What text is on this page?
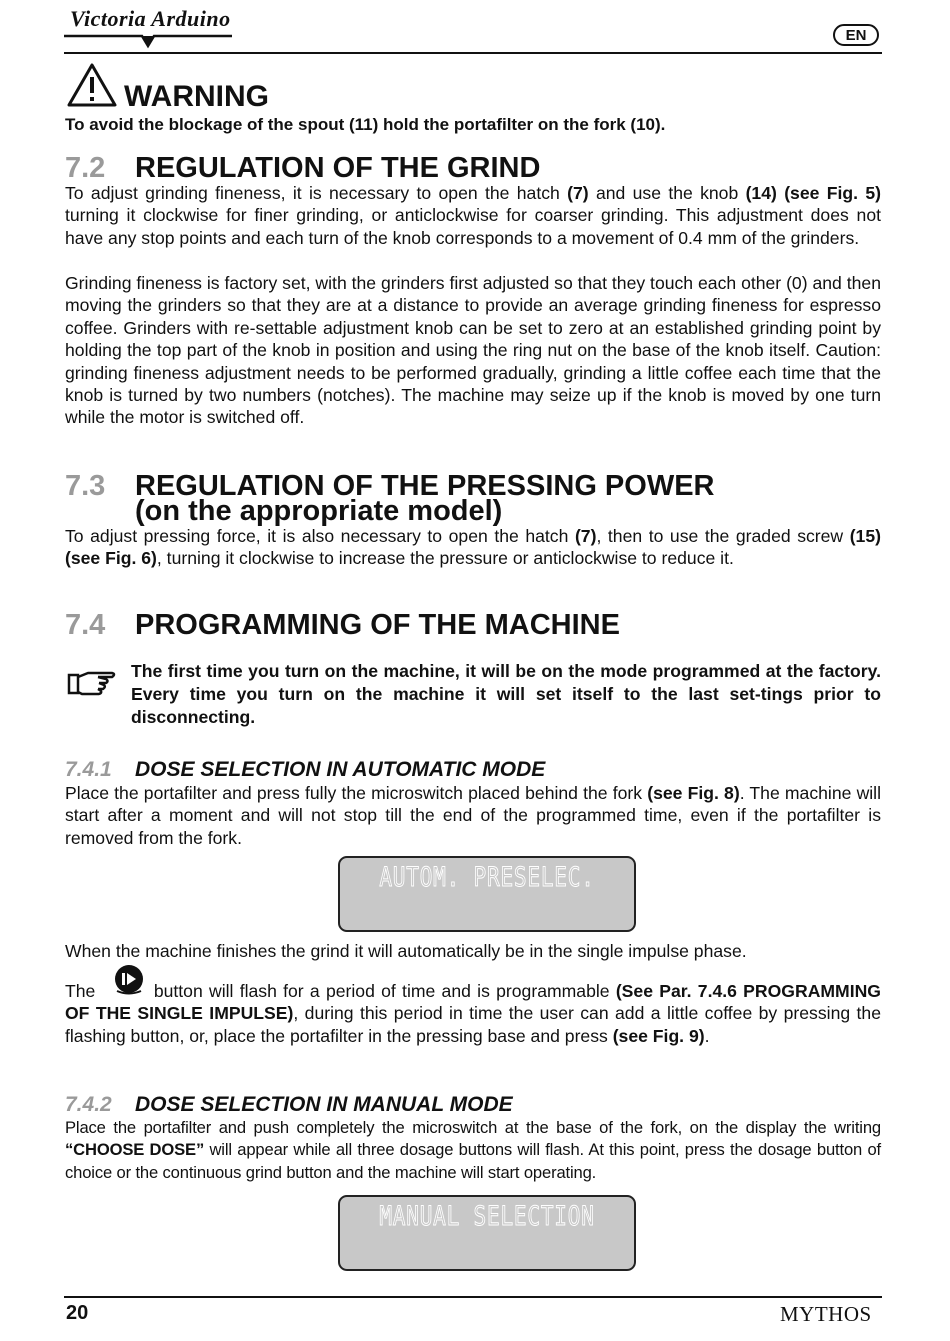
Victoria Arduino
EN
WARNING
To avoid the blockage of the spout (11) hold the portafilter on the fork (10).
7.2 REGULATION OF THE GRIND
To adjust grinding fineness, it is necessary to open the hatch (7) and use the knob (14) (see Fig. 5) turning it clockwise for finer grinding, or anticlockwise for coarser grinding. This adjustment does not have any stop points and each turn of the knob corresponds to a movement of 0.4 mm of the grinders.
Grinding fineness is factory set, with the grinders first adjusted so that they touch each other (0) and then moving the grinders so that they are at a distance to provide an average grinding fineness for espresso coffee. Grinders with re-settable adjustment knob can be set to zero at an established grinding point by holding the top part of the knob in position and using the ring nut on the base of the knob itself. Caution: grinding fineness adjustment needs to be performed gradually, grinding a little coffee each time that the knob is turned by two numbers (notches). The machine may seize up if the knob is moved by one turn while the motor is switched off.
7.3 REGULATION OF THE PRESSING POWER
(on the appropriate model)
To adjust pressing force, it is also necessary to open the hatch (7), then to use the graded screw (15) (see Fig. 6), turning it clockwise to increase the pressure or anticlockwise to reduce it.
7.4 PROGRAMMING OF THE MACHINE
The first time you turn on the machine, it will be on the mode programmed at the factory. Every time you turn on the machine it will set itself to the last set-tings prior to disconnecting.
7.4.1 DOSE SELECTION IN AUTOMATIC MODE
Place the portafilter and press fully the microswitch placed behind the fork (see Fig. 8). The machine will start after a moment and will not stop till the end of the programmed time, even if the portafilter is removed from the fork.
AUTOM. PRESELEC.
When the machine finishes the grind it will automatically be in the single impulse phase.
The	button will flash for a period of time and is programmable (See Par. 7.4.6 PROGRAMMING OF THE SINGLE IMPULSE), during this period in time the user can add a little coffee by pressing the flashing button, or, place the portafilter in the pressing base and press (see Fig. 9).
7.4.2 DOSE SELECTION IN MANUAL MODE
Place the portafilter and push completely the microswitch at the base of the fork, on the display the writing “CHOOSE DOSE” will appear while all three dosage buttons will flash. At this point, press the dosage button of choice or the continuous grind button and the machine will start operating.
MANUAL SELECTION
20	MYTHOS
